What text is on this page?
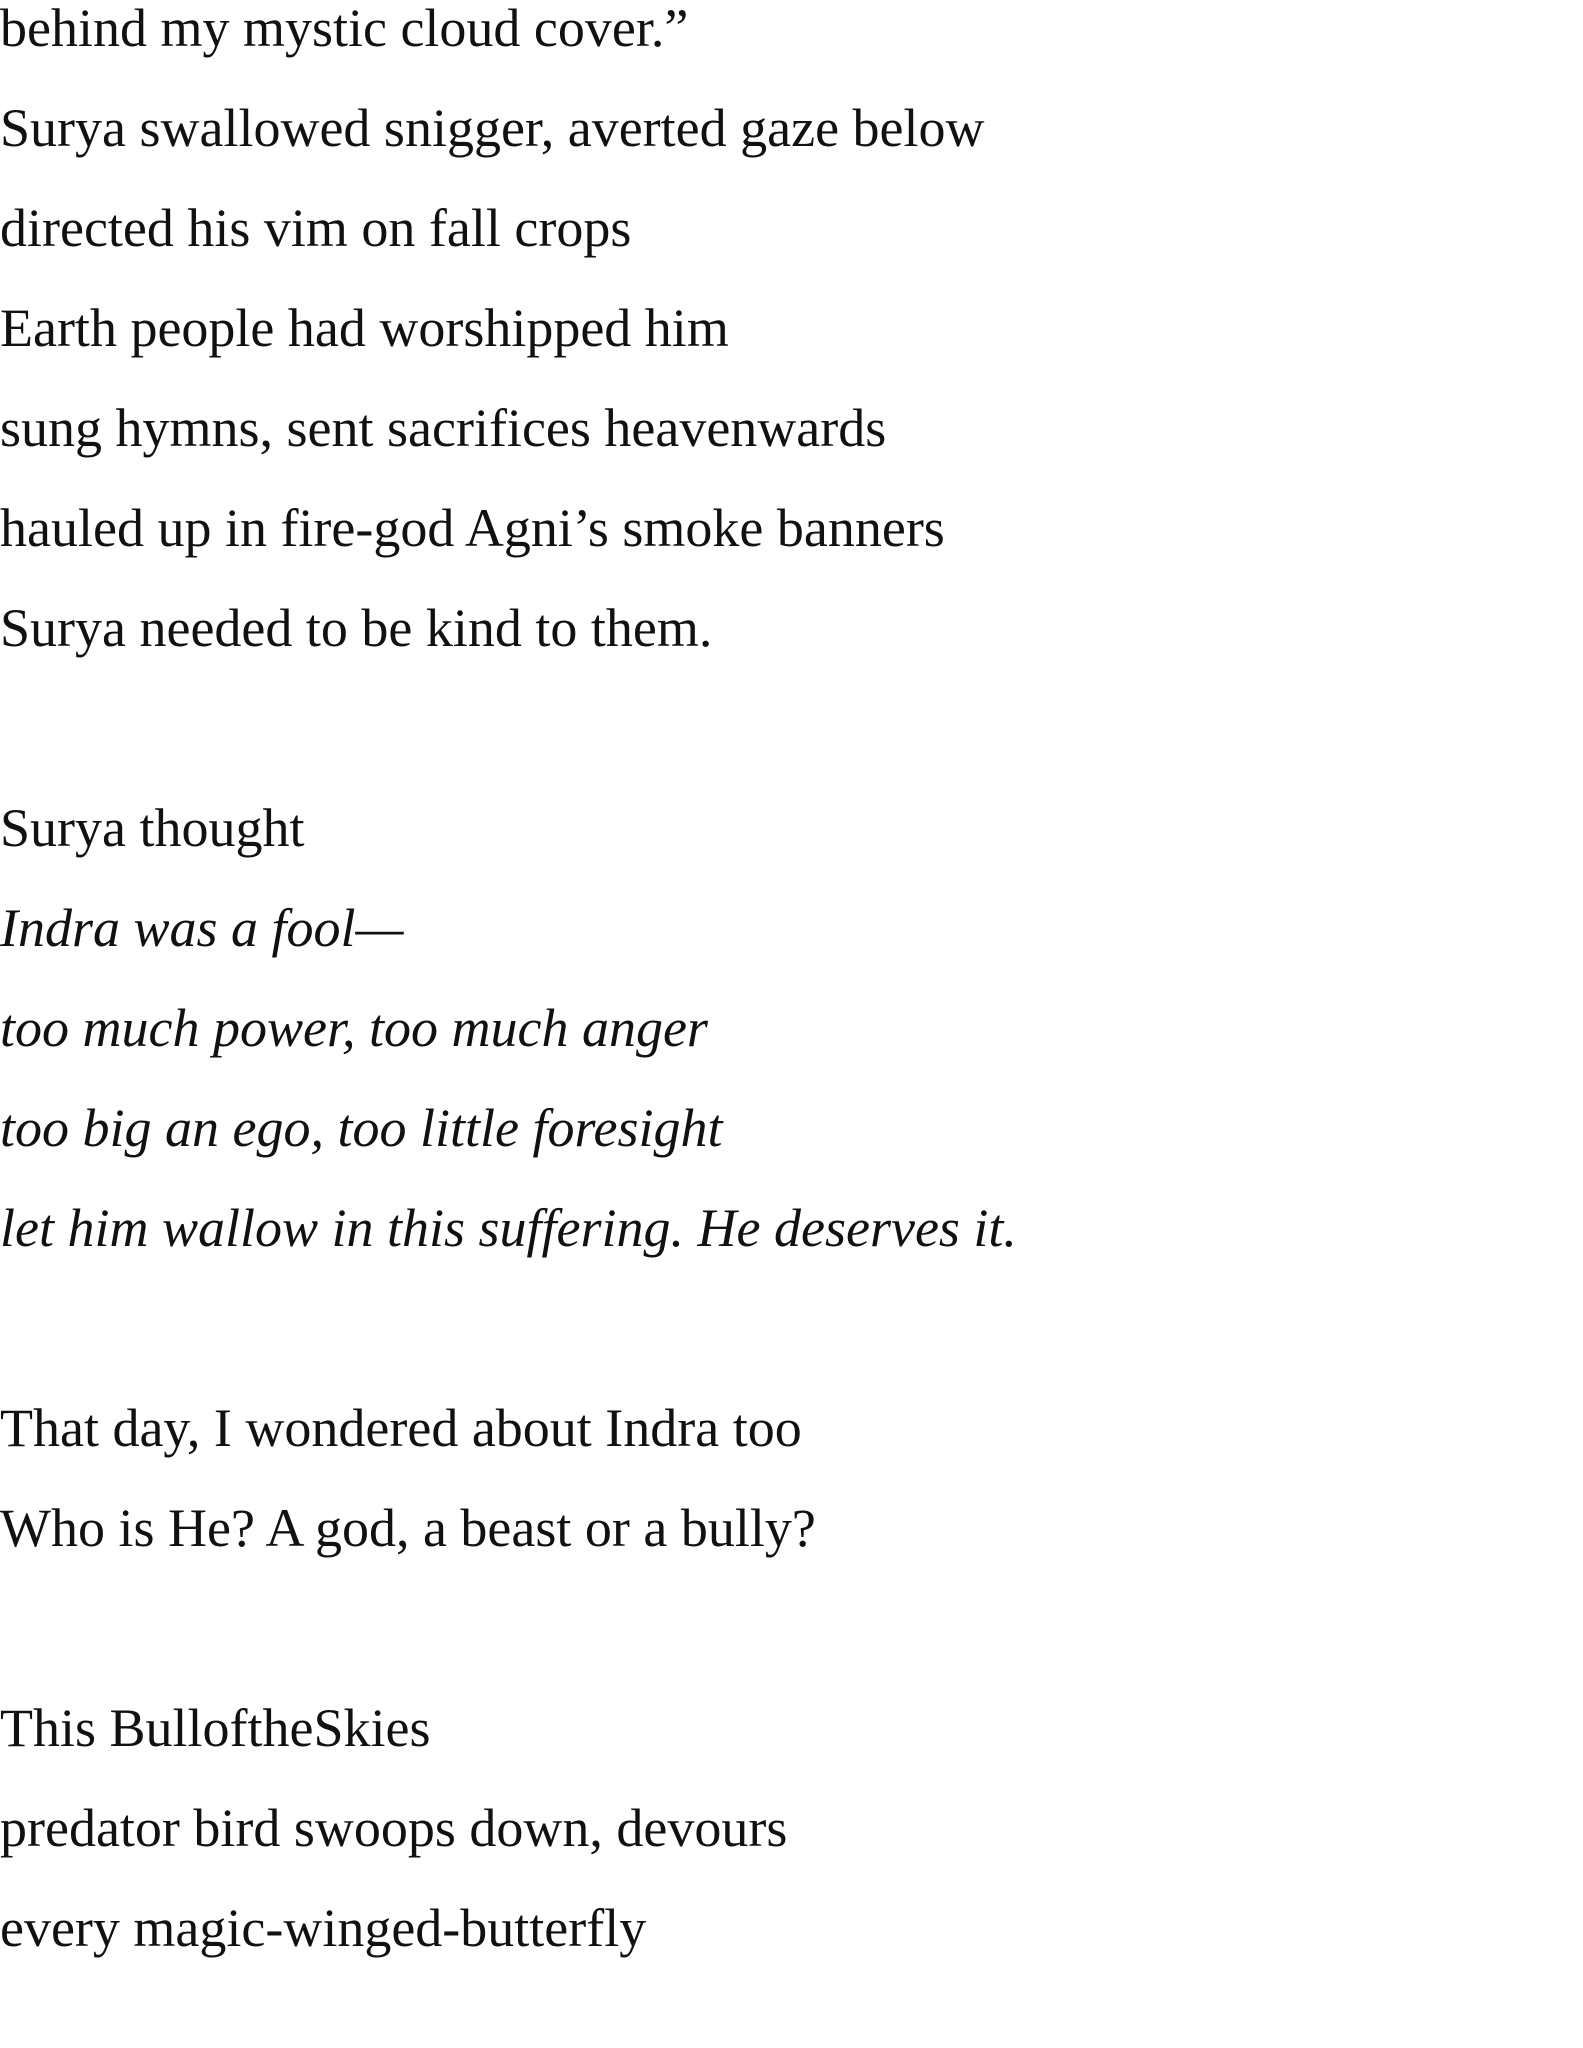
behind my mystic cloud cover.”

Surya swallowed snigger, averted gaze below

directed his vim on fall crops

Earth people had worshipped him

sung hymns, sent sacrifices heavenwards

hauled up in fire-god Agni’s smoke banners

Surya needed to be kind to them.

Surya thought

Indra was a fool—

too much power, too much anger

too big an ego, too little foresight

let him wallow in this suffering. He deserves it.

That day, I wondered about Indra too

Who is He? A god, a beast or a bully?

This BulloftheSkies

predator bird swoops down, devours

every magic-winged-butterfly
